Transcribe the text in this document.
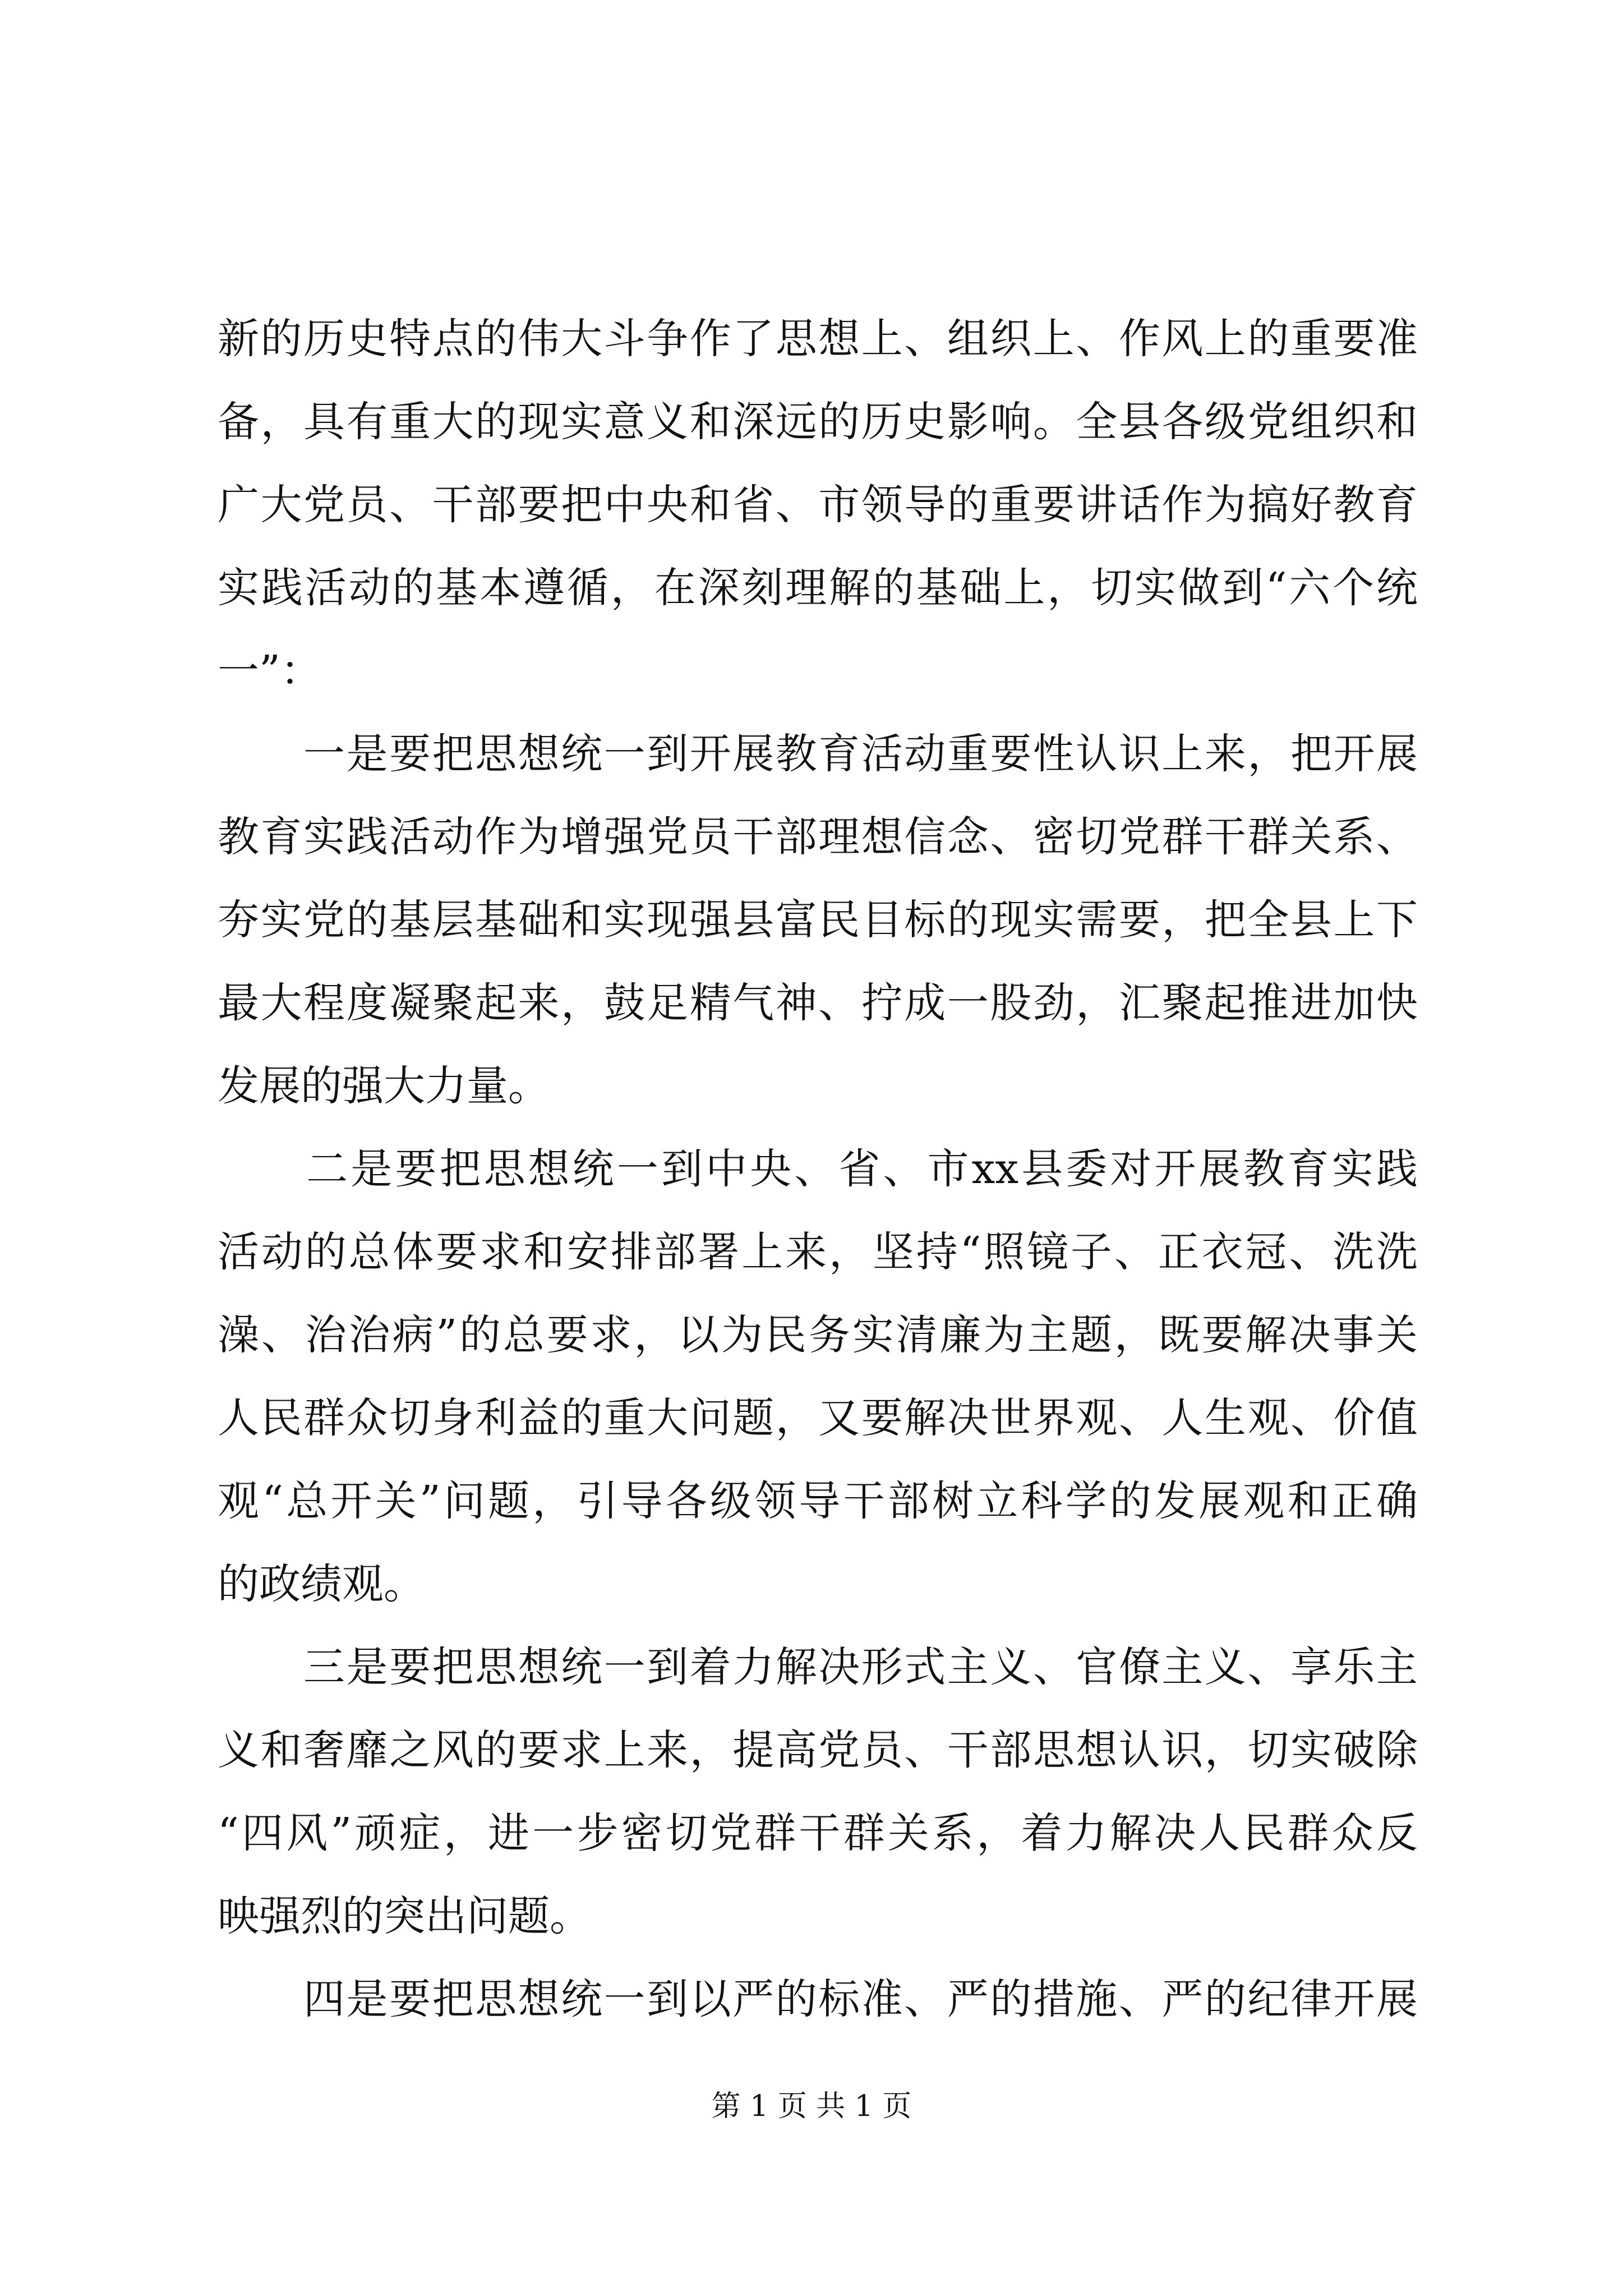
新的历史特点的伟大斗争作了思想上、组织上、作风上的重要准
备，具有重大的现实意义和深远的历史影响。全县各级党组织和
广大党员、干部要把中央和省、市领导的重要讲话作为搞好教育
实践活动的基本遵循，在深刻理解的基础上，切实做到“六个统
一”：
　　一是要把思想统一到开展教育活动重要性认识上来，把开展
教育实践活动作为增强党员干部理想信念、密切党群干群关系、
夯实党的基层基础和实现强县富民目标的现实需要，把全县上下
最大程度凝聚起来，鼓足精气神、拧成一股劲，汇聚起推进加快
发展的强大力量。
　　二是要把思想统一到中央、省、市xx县委对开展教育实践
活动的总体要求和安排部署上来，坚持“照镜子、正衣冠、洗洗
澡、治治病”的总要求，以为民务实清廉为主题，既要解决事关
人民群众切身利益的重大问题，又要解决世界观、人生观、价值
观“总开关”问题，引导各级领导干部树立科学的发展观和正确
的政绩观。
　　三是要把思想统一到着力解决形式主义、官僚主义、享乐主
义和奢靡之风的要求上来，提高党员、干部思想认识，切实破除
“四风”顽症，进一步密切党群干群关系，着力解决人民群众反
映强烈的突出问题。
　　四是要把思想统一到以严的标准、严的措施、严的纪律开展
第 1 页 共 1 页
